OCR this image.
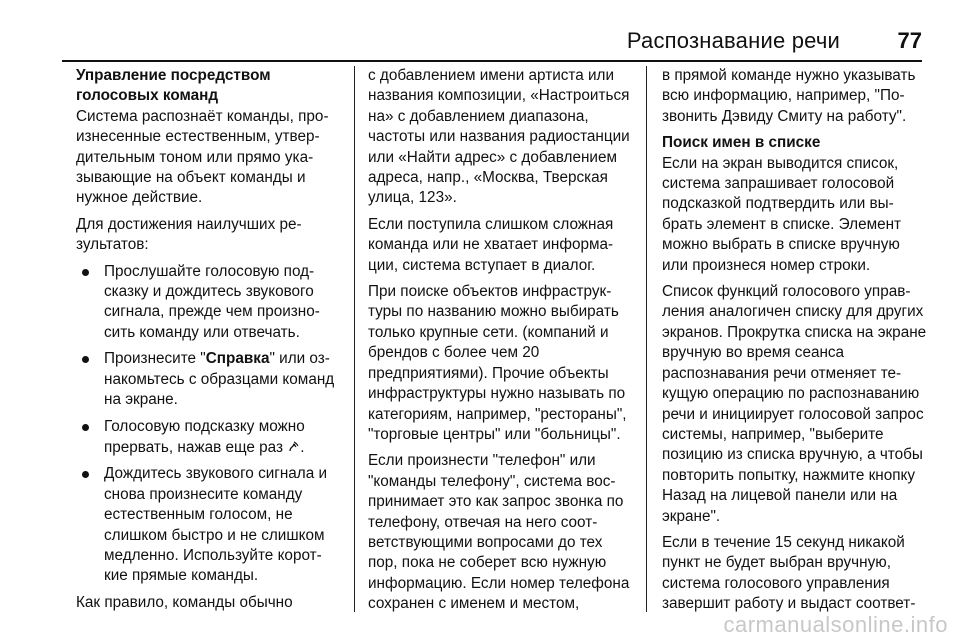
Распознавание речи	77

Управление посредством голосовых команд

Система распознаёт команды, произнесенные естественным, утвердительным тоном или прямо указывающие на объект команды и нужное действие.

Для достижения наилучших результатов:

Прослушайте голосовую подсказку и дождитесь звукового сигнала, прежде чем произносить команду или отвечать.
Произнесите "Справка" или ознакомьтесь с образцами команд на экране.
Голосовую подсказку можно прервать, нажав еще раз .
Дождитесь звукового сигнала и снова произнесите команду естественным голосом, не слишком быстро и не слишком медленно. Используйте короткие прямые команды.

Как правило, команды обычно

с добавлением имени артиста или названия композиции, «Настроиться на» с добавлением диапазона, частоты или названия радиостанции или «Найти адрес» с добавлением адреса, напр., «Москва, Тверская улица, 123».

Если поступила слишком сложная команда или не хватает информации, система вступает в диалог.

При поиске объектов инфраструктуры по названию можно выбирать только крупные сети. (компаний и брендов с более чем 20 предприятиями). Прочие объекты инфраструктуры нужно называть по категориям, например, "рестораны", "торговые центры" или "больницы".

Если произнести "телефон" или "команды телефону", система воспринимает это как запрос звонка по телефону, отвечая на него соответствующими вопросами до тех пор, пока не соберет всю нужную информацию. Если номер телефона сохранен с именем и местом,

в прямой команде нужно указывать всю информацию, например, "Позвонить Дэвиду Смиту на работу".

Поиск имен в списке

Если на экран выводится список, система запрашивает голосовой подсказкой подтвердить или выбрать элемент в списке. Элемент можно выбрать в списке вручную или произнеся номер строки.

Список функций голосового управления аналогичен списку для других экранов. Прокрутка списка на экране вручную во время сеанса распознавания речи отменяет текущую операцию по распознаванию речи и инициирует голосовой запрос системы, например, "выберите позицию из списка вручную, а чтобы повторить попытку, нажмите кнопку Назад на лицевой панели или на экране".

Если в течение 15 секунд никакой пункт не будет выбран вручную, система голосового управления завершит работу и выдаст соответ

carmanualsonline.info
